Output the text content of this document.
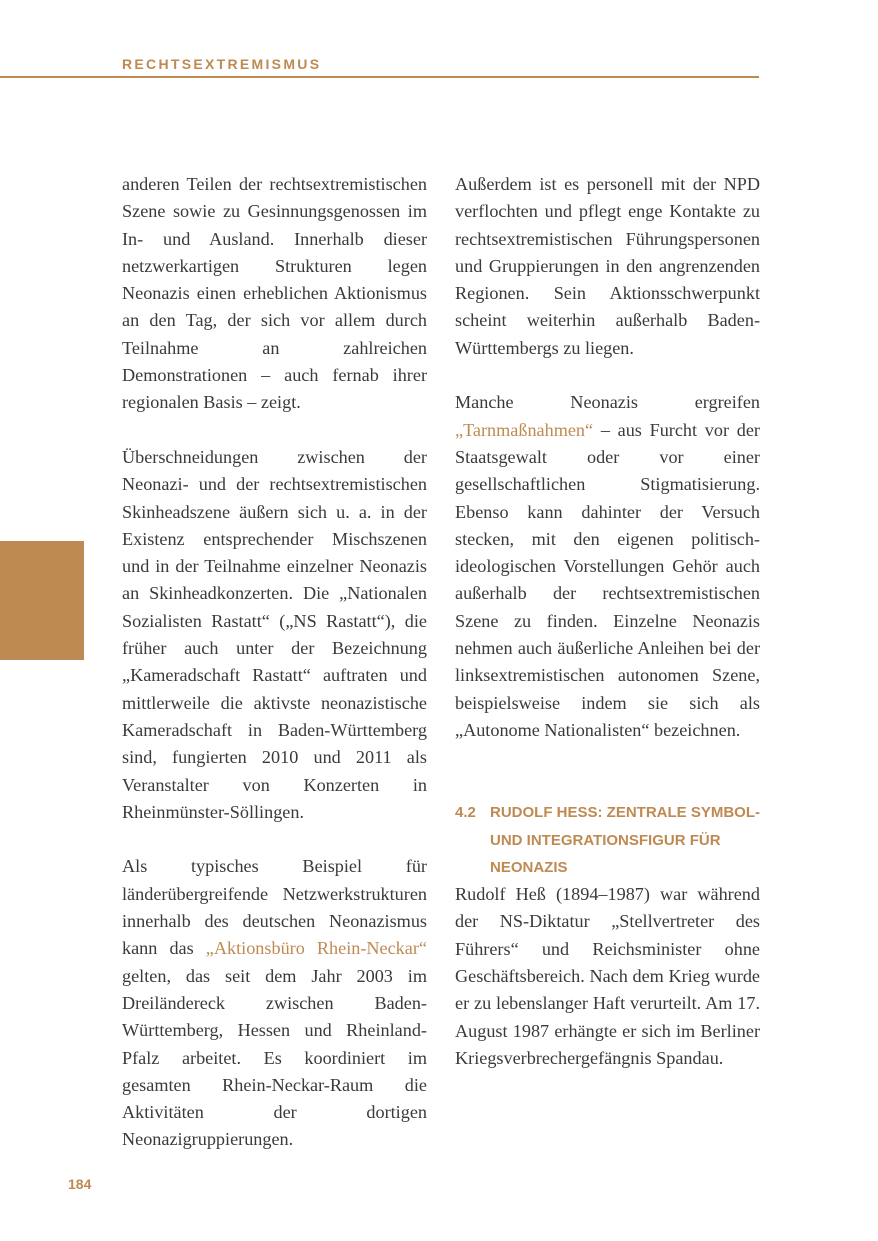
RECHTSEXTREMISMUS

anderen Teilen der rechtsextremistischen Szene sowie zu Gesinnungsgenossen im In- und Ausland. Innerhalb dieser netzwerkartigen Strukturen legen Neonazis einen erheblichen Aktionismus an den Tag, der sich vor allem durch Teilnahme an zahlreichen Demonstrationen – auch fernab ihrer regionalen Basis – zeigt.

Überschneidungen zwischen der Neonazi- und der rechtsextremistischen Skinheadszene äußern sich u. a. in der Existenz entsprechender Mischszenen und in der Teilnahme einzelner Neonazis an Skinheadkonzerten. Die „Nationalen Sozialisten Rastatt“ („NS Rastatt“), die früher auch unter der Bezeichnung „Kameradschaft Rastatt“ auftraten und mittlerweile die aktivste neonazistische Kameradschaft in Baden-Württemberg sind, fungierten 2010 und 2011 als Veranstalter von Konzerten in Rheinmünster-Söllingen.

Als typisches Beispiel für länderübergreifende Netzwerkstrukturen innerhalb des deutschen Neonazismus kann das „Aktionsbüro Rhein-Neckar“ gelten, das seit dem Jahr 2003 im Dreiländereck zwischen Baden-Württemberg, Hessen und Rheinland-Pfalz arbeitet. Es koordiniert im gesamten Rhein-Neckar-Raum die Aktivitäten der dortigen Neonazigruppierungen.

Außerdem ist es personell mit der NPD verflochten und pflegt enge Kontakte zu rechtsextremistischen Führungspersonen und Gruppierungen in den angrenzenden Regionen. Sein Aktionsschwerpunkt scheint weiterhin außerhalb Baden-Württembergs zu liegen.

Manche Neonazis ergreifen „Tarnmaßnahmen“ – aus Furcht vor der Staatsgewalt oder vor einer gesellschaftlichen Stigmatisierung. Ebenso kann dahinter der Versuch stecken, mit den eigenen politisch-ideologischen Vorstellungen Gehör auch außerhalb der rechtsextremistischen Szene zu finden. Einzelne Neonazis nehmen auch äußerliche Anleihen bei der linksextremistischen autonomen Szene, beispielsweise indem sie sich als „Autonome Nationalisten“ bezeichnen.

4.2 RUDOLF HESS: ZENTRALE SYMBOL- UND INTEGRATIONSFIGUR FÜR NEONAZIS

Rudolf Heß (1894–1987) war während der NS-Diktatur „Stellvertreter des Führers“ und Reichsminister ohne Geschäftsbereich. Nach dem Krieg wurde er zu lebenslanger Haft verurteilt. Am 17. August 1987 erhängte er sich im Berliner Kriegsverbrechergefängnis Spandau.

184
